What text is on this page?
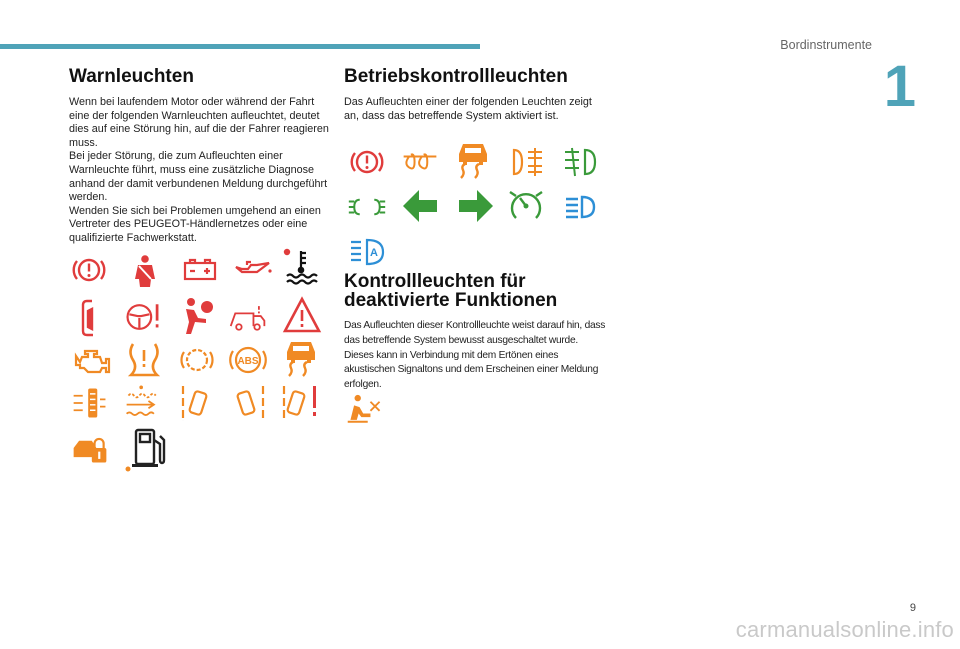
Bordinstrumente
1
Warnleuchten

Wenn bei laufendem Motor oder während der Fahrt eine der folgenden Warnleuchten aufleuchtet, deutet dies auf eine Störung hin, auf die der Fahrer reagieren muss.

Bei jeder Störung, die zum Aufleuchten einer Warnleuchte führt, muss eine zusätzliche Diagnose anhand der damit verbundenen Meldung durchgeführt werden.

Wenden Sie sich bei Problemen umgehend an einen Vertreter des PEUGEOT-Händlernetzes oder eine qualifizierte Fachwerkstatt.

Betriebskontrollleuchten

Das Aufleuchten einer der folgenden Leuchten zeigt an, dass das betreffende System aktiviert ist.

Kontrollleuchten für
deaktivierte Funktionen

Das Aufleuchten dieser Kontrollleuchte weist darauf hin, dass das betreffende System bewusst ausgeschaltet wurde. Dieses kann in Verbindung mit dem Ertönen eines akustischen Signaltons und dem Erscheinen einer Meldung erfolgen.

ABS
A
9
carmanualsonline.info
